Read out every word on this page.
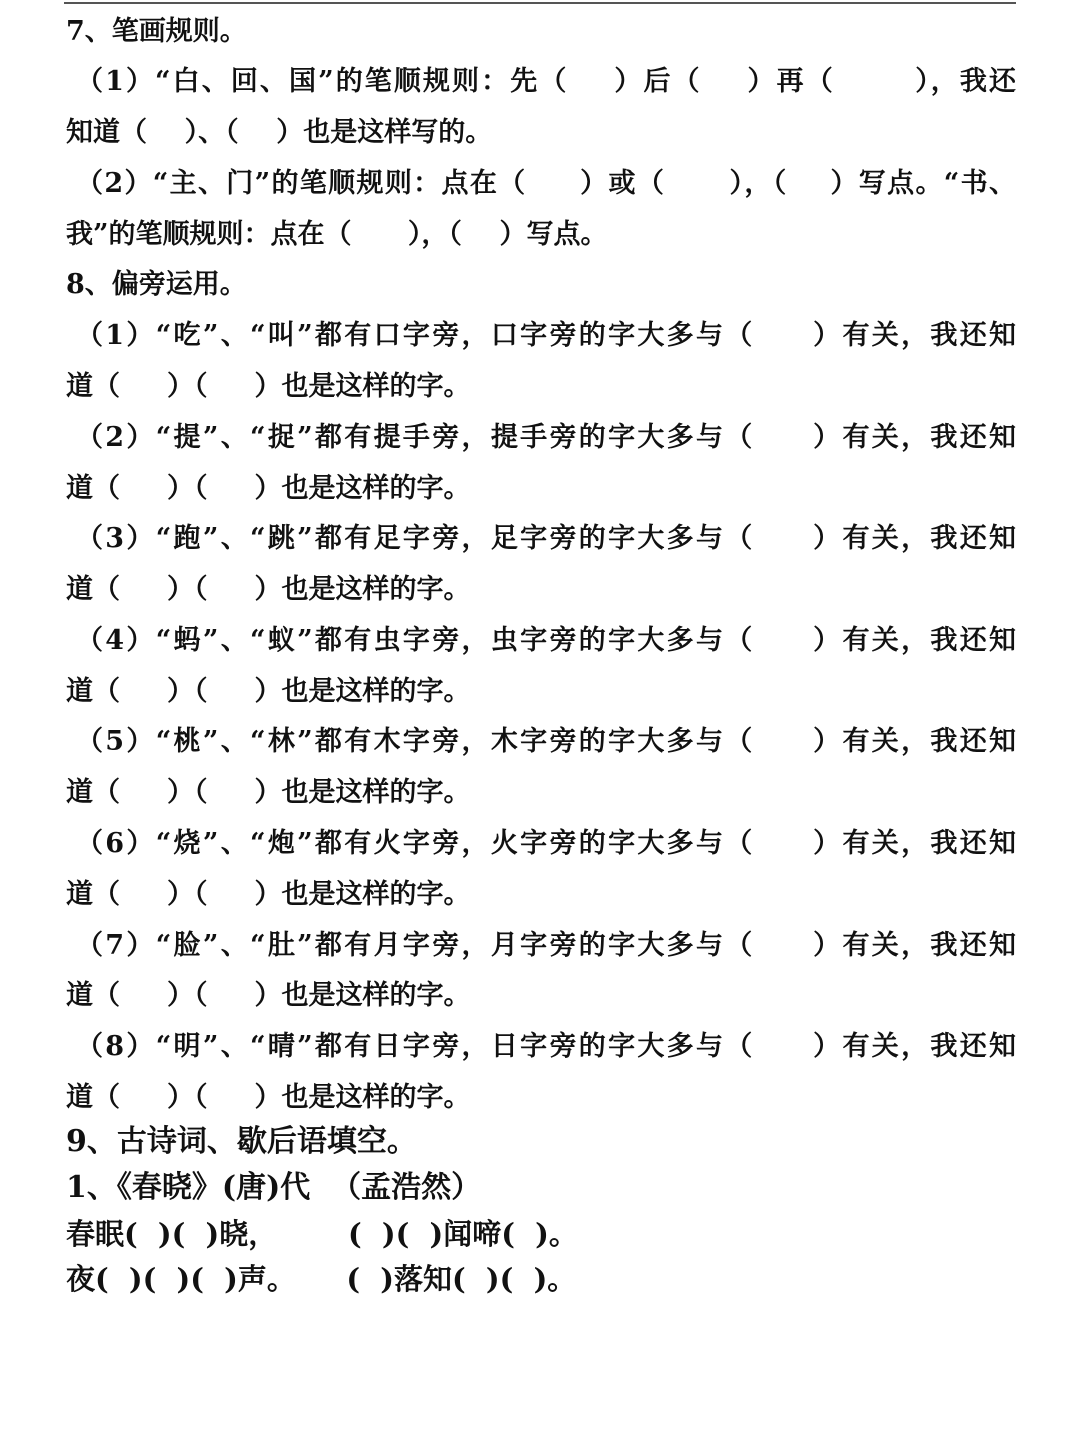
7、笔画规则。
（1）“白、回、国”的笔顺规则：先（    ）后（    ）再（       ），我还
知道（    ）、（    ）也是这样写的。
（2）“主、门”的笔顺规则：点在（     ）或（      ），（    ）写点。“书、
我”的笔顺规则：点在（      ），（    ）写点。
8、偏旁运用。
（1）“吃”、“叫”都有口字旁，口字旁的字大多与（     ）有关，我还知
道（     ）（     ）也是这样的字。
（2）“提”、“捉”都有提手旁，提手旁的字大多与（     ）有关，我还知
道（     ）（     ）也是这样的字。
（3）“跑”、“跳”都有足字旁，足字旁的字大多与（     ）有关，我还知
道（     ）（     ）也是这样的字。
（4）“蚂”、“蚁”都有虫字旁，虫字旁的字大多与（     ）有关，我还知
道（     ）（     ）也是这样的字。
（5）“桃”、“林”都有木字旁，木字旁的字大多与（     ）有关，我还知
道（     ）（     ）也是这样的字。
（6）“烧”、“炮”都有火字旁，火字旁的字大多与（     ）有关，我还知
道（     ）（     ）也是这样的字。
（7）“脸”、“肚”都有月字旁，月字旁的字大多与（     ）有关，我还知
道（     ）（     ）也是这样的字。
（8）“明”、“晴”都有日字旁，日字旁的字大多与（     ）有关，我还知
道（     ）（     ）也是这样的字。
9、古诗词、歇后语填空。
1、《春晓》(唐)代  （孟浩然）
春眠(  )(  )晓，       (  )(  )闻啼(  )。
夜(  )(  )(  )声。     (  )落知(  )(  )。
